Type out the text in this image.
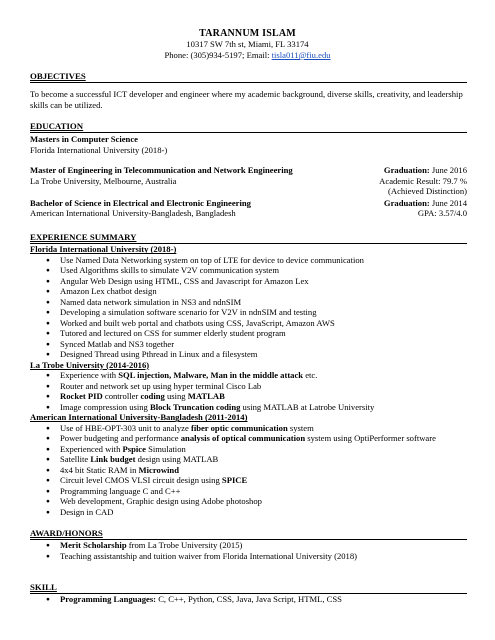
TARANNUM ISLAM
10317 SW 7th st, Miami, FL 33174
Phone: (305)934-5197; Email: tisla011@fiu.edu
OBJECTIVES
To become a successful ICT developer and engineer where my academic background, diverse skills, creativity, and leadership skills can be utilized.
EDUCATION
Masters in Computer Science
Florida International University (2018-)
Master of Engineering in Telecommunication and Network Engineering	Graduation: June 2016
La Trobe University, Melbourne, Australia	Academic Result: 79.7 %
(Achieved Distinction)
Bachelor of Science in Electrical and Electronic Engineering	Graduation: June 2014
American International University-Bangladesh, Bangladesh	GPA: 3.57/4.0
EXPERIENCE SUMMARY
Florida International University (2018-)
● Use Named Data Networking system on top of LTE for device to device communication
● Used Algorithms skills to simulate V2V communication system
● Angular Web Design using HTML, CSS and Javascript for Amazon Lex
● Amazon Lex chatbot design
● Named data network simulation in NS3 and ndnSIM
● Developing a simulation software scenario for V2V in ndnSIM and testing
● Worked and built web portal and chatbots using CSS, JavaScript, Amazon AWS
● Tutored and lectured on CSS for summer elderly student program
● Synced Matlab and NS3 together
● Designed Thread using Pthread in Linux and a filesystem
La Trobe University (2014-2016)
● Experience with SQL injection, Malware, Man in the middle attack etc.
● Router and network set up using hyper terminal Cisco Lab
● Rocket PID controller coding using MATLAB
● Image compression using Block Truncation coding using MATLAB at Latrobe University
American International University-Bangladesh (2011-2014)
● Use of HBE-OPT-303 unit to analyze fiber optic communication system
● Power budgeting and performance analysis of optical communication system using OptiPerformer software
● Experienced with Pspice Simulation
● Satellite Link budget design using MATLAB
● 4x4 bit Static RAM in Microwind
● Circuit level CMOS VLSI circuit design using SPICE
● Programming language C and C++
● Web development, Graphic design using Adobe photoshop
● Design in CAD
AWARD/HONORS
● Merit Scholarship from La Trobe University (2015)
● Teaching assistantship and tuition waiver from Florida International University (2018)
SKILL
● Programming Languages: C, C++, Python, CSS, Java, Java Script, HTML, CSS
